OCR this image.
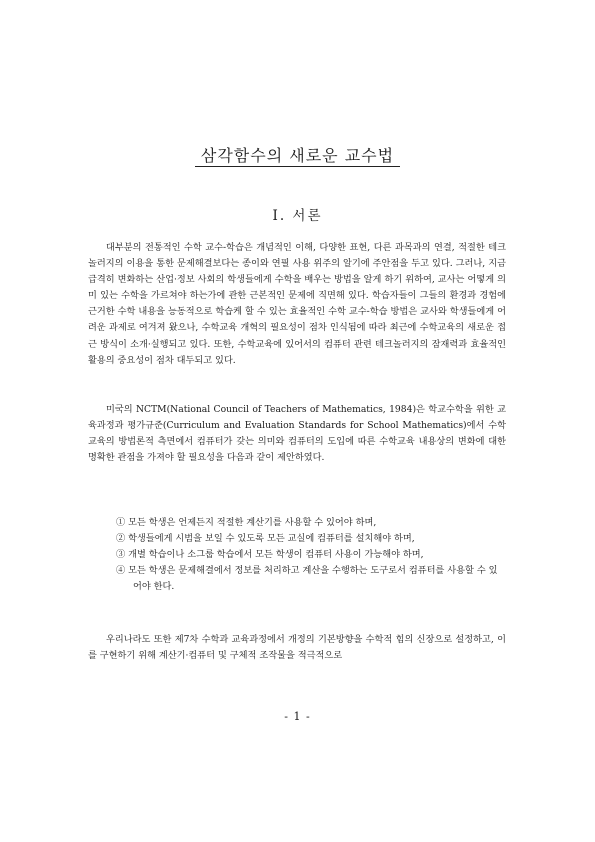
삼각함수의 새로운 교수법
Ⅰ. 서론

대부분의 전통적인 수학 교수-학습은 개념적인 이해, 다양한 표현, 다른 과목과의 연결, 적절한 테크놀러지의 이용을 통한 문제해결보다는 종이와 연필 사용 위주의 알기에 주안점을 두고 있다. 그러나, 지금 급격히 변화하는 산업·정보 사회의 학생들에게 수학을 배우는 방법을 알게 하기 위하여, 교사는 어떻게 의미 있는 수학을 가르쳐야 하는가에 관한 근본적인 문제에 직면해 있다. 학습자들이 그들의 환경과 경험에 근거한 수학 내용을 능동적으로 학습케 할 수 있는 효율적인 수학 교수-학습 방법은 교사와 학생들에게 어려운 과제로 여겨져 왔으나, 수학교육 개혁의 필요성이 점차 인식됨에 따라 최근에 수학교육의 새로운 접근 방식이 소개·실행되고 있다. 또한, 수학교육에 있어서의 컴퓨터 관련 테크놀러지의 잠재력과 효율적인 활용의 중요성이 점차 대두되고 있다.

미국의 NCTM(National Council of Teachers of Mathematics, 1984)은 학교수학을 위한 교육과정과 평가규준(Curriculum and Evaluation Standards for School Mathematics)에서 수학교육의 방법론적 측면에서 컴퓨터가 갖는 의미와 컴퓨터의 도입에 따른 수학교육 내용상의 변화에 대한 명확한 관점을 가져야 할 필요성을 다음과 같이 제안하였다.

① 모든 학생은 언제든지 적절한 계산기를 사용할 수 있어야 하며,
② 학생들에게 시범을 보일 수 있도록 모든 교실에 컴퓨터를 설치해야 하며,
③ 개별 학습이나 소그룹 학습에서 모든 학생이 컴퓨터 사용이 가능해야 하며,
④ 모든 학생은 문제해결에서 정보를 처리하고 계산을 수행하는 도구로서 컴퓨터를 사용할 수 있어야 한다.

우리나라도 또한 제7차 수학과 교육과정에서 개정의 기본방향을 수학적 힘의 신장으로 설정하고, 이를 구현하기 위해 계산기·컴퓨터 및 구체적 조작물을 적극적으로

- 1 -
